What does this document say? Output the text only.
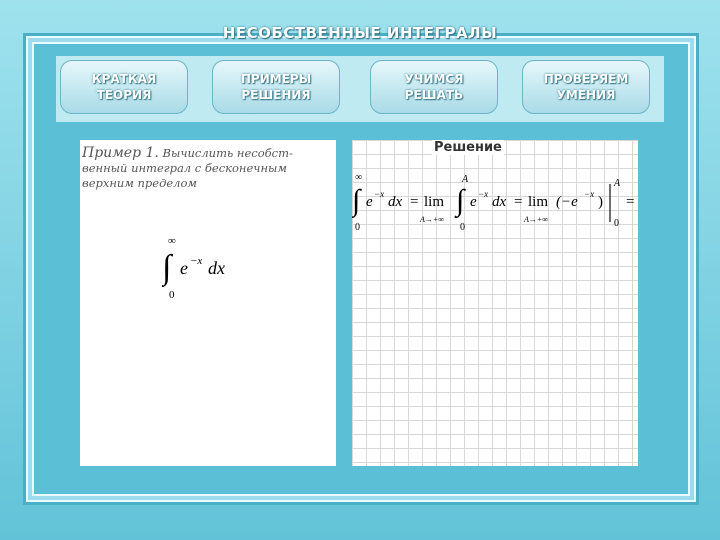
НЕСОБСТВЕННЫЕ ИНТЕГРАЛЫ
КРАТКАЯ
ТЕОРИЯ
ПРИМЕРЫ
РЕШЕНИЯ
УЧИМСЯ
РЕШАТЬ
ПРОВЕРЯЕМ
УМЕНИЯ
Пример 1. Вычислить несобст-венный интеграл с бесконечным верхним пределом
∞
∫ e −x dx
0
Решение
∞
∫
0
e −x dx = lim
A→+∞
A
∫
0
e −x dx = lim
A→+∞
(−e −x )
A
0
=
